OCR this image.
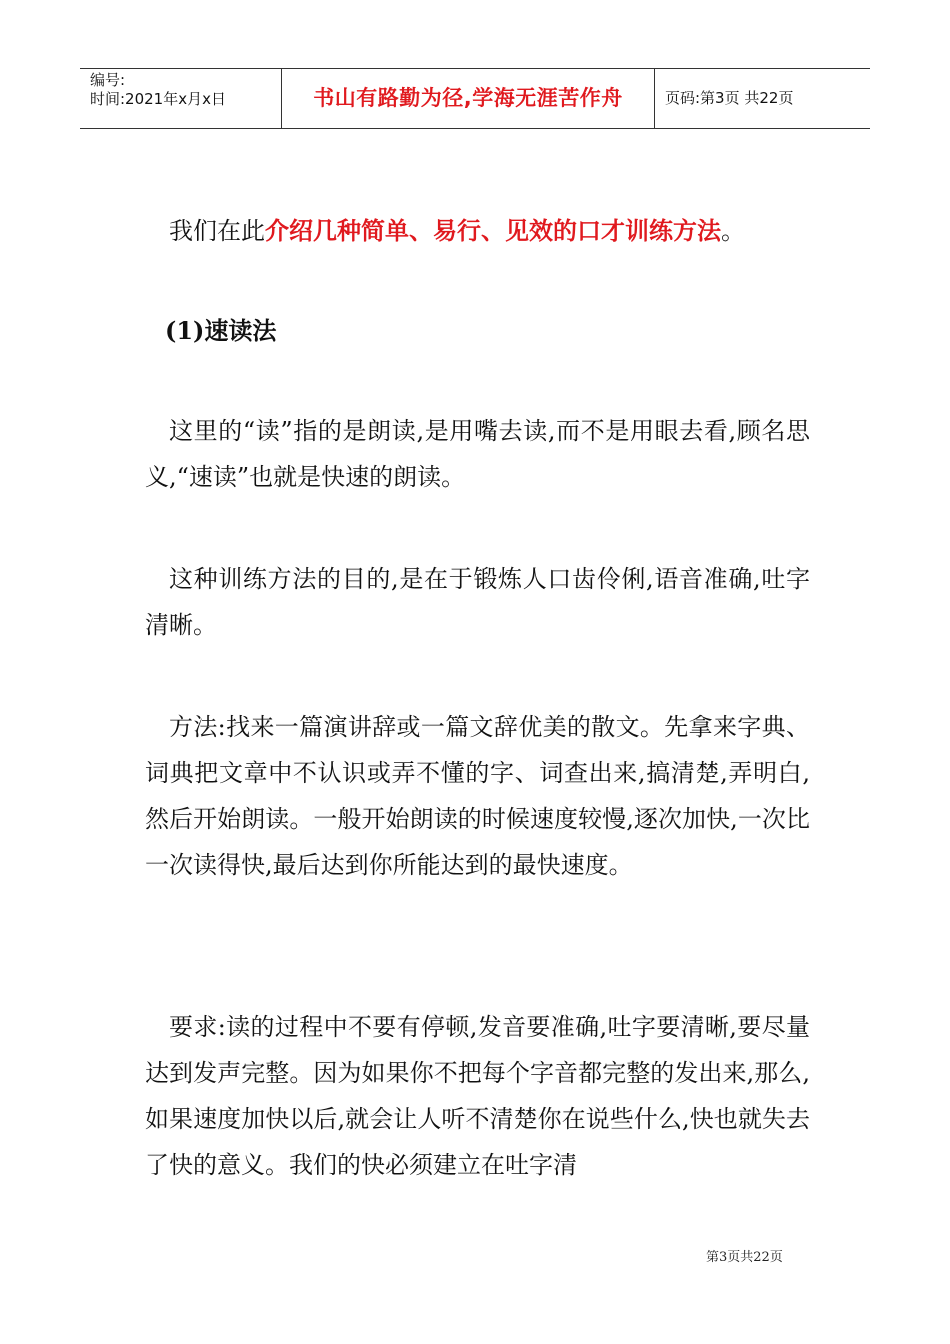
编号:
时间:2021年x月x日	书山有路勤为径,学海无涯苦作舟	页码:第3页 共22页

我们在此介绍几种简单、易行、见效的口才训练方法。

(1)速读法

这里的“读”指的是朗读,是用嘴去读,而不是用眼去看,顾名思义,“速读”也就是快速的朗读。

这种训练方法的目的,是在于锻炼人口齿伶俐,语音准确,吐字清晰。

方法:找来一篇演讲辞或一篇文辞优美的散文。先拿来字典、词典把文章中不认识或弄不懂的字、词查出来,搞清楚,弄明白,然后开始朗读。一般开始朗读的时候速度较慢,逐次加快,一次比一次读得快,最后达到你所能达到的最快速度。

要求:读的过程中不要有停顿,发音要准确,吐字要清晰,要尽量达到发声完整。因为如果你不把每个字音都完整的发出来,那么,如果速度加快以后,就会让人听不清楚你在说些什么,快也就失去了快的意义。我们的快必须建立在吐字清

第3页共22页
